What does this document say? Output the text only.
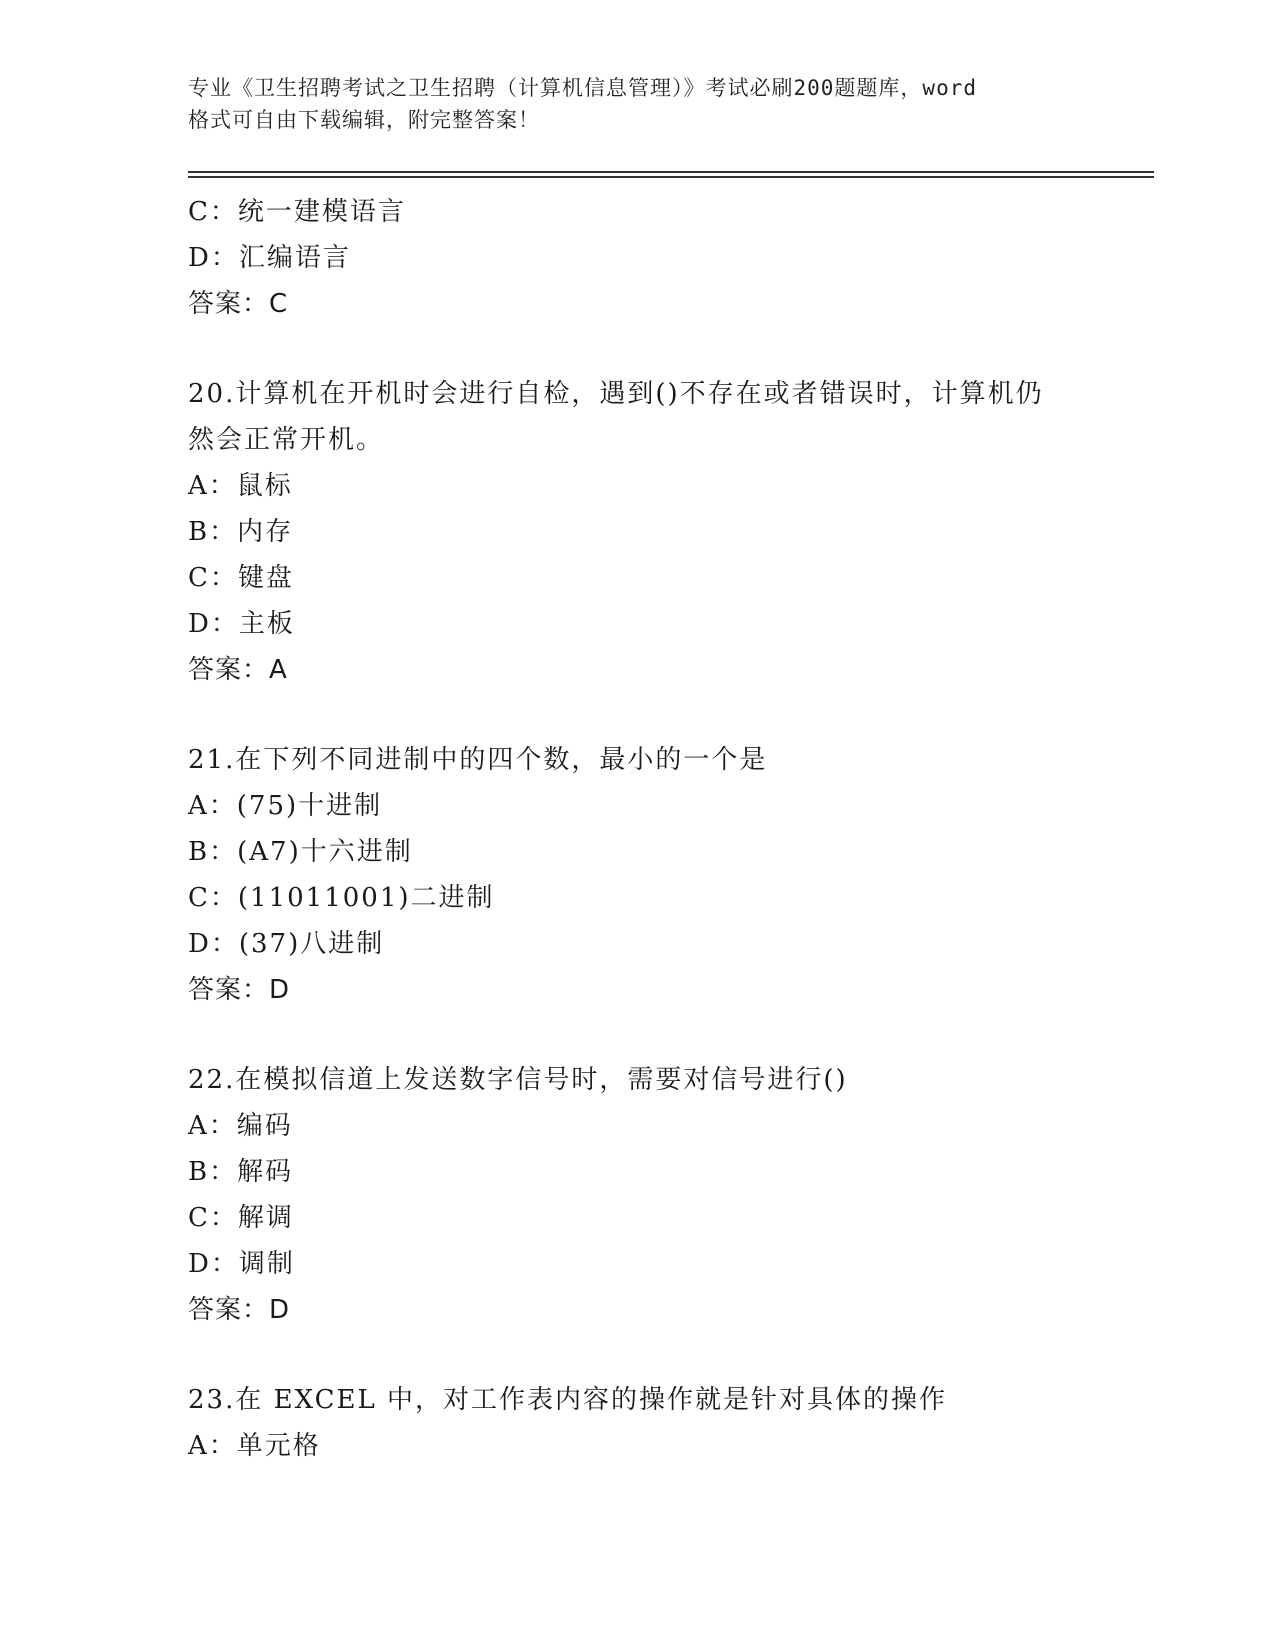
专业《卫生招聘考试之卫生招聘（计算机信息管理）》考试必刷200题题库，word
格式可自由下载编辑，附完整答案！
C：统一建模语言
D：汇编语言
答案：C
20.计算机在开机时会进行自检，遇到()不存在或者错误时，计算机仍
然会正常开机。
A：鼠标
B：内存
C：键盘
D：主板
答案：A
21.在下列不同进制中的四个数，最小的一个是
A：(75)十进制
B：(A7)十六进制
C：(11011001)二进制
D：(37)八进制
答案：D
22.在模拟信道上发送数字信号时，需要对信号进行()
A：编码
B：解码
C：解调
D：调制
答案：D
23.在 EXCEL 中，对工作表内容的操作就是针对具体的操作
A：单元格
